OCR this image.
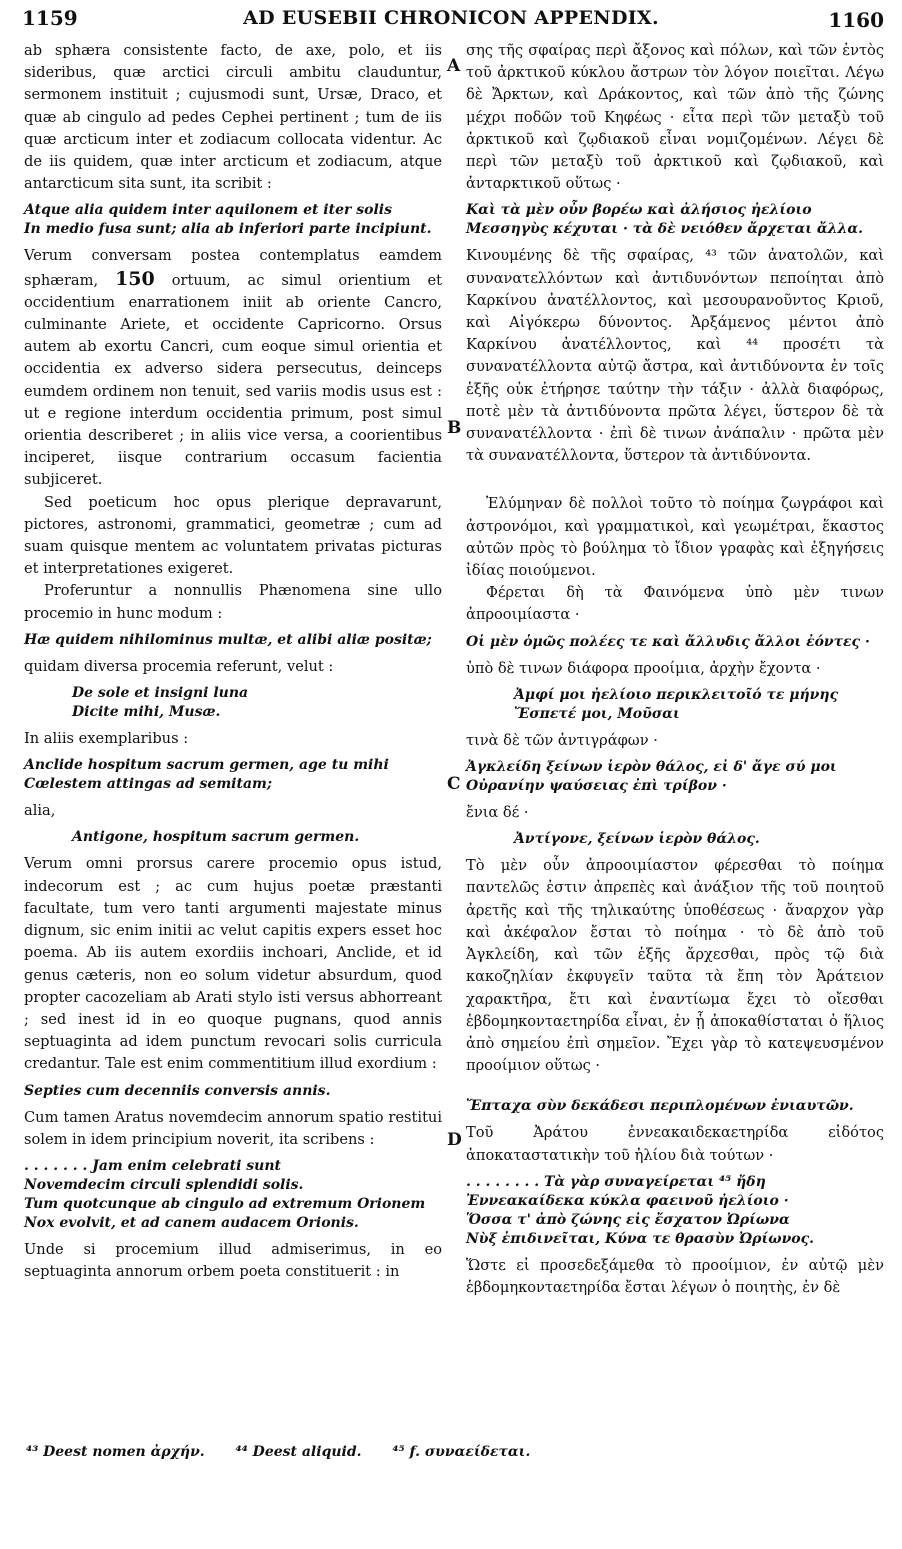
1159	AD EUSEBII CHRONICON APPENDIX.	1160

ab sphæra consistente facto, de axe, polo, et iis sideribus, quæ arctici circuli ambitu clauduntur, sermonem instituit ; cujusmodi sunt, Ursæ, Draco, et quæ ab cingulo ad pedes Cephei pertinent ; tum de iis quæ arcticum inter et zodiacum collocata videntur. Ac de iis quidem, quæ inter arcticum et zodiacum, atque antarcticum sita sunt, ita scribit :

Atque alia quidem inter aquilonem et iter solis
In medio fusa sunt; alia ab inferiori parte incipiunt.

Verum conversam postea contemplatus eamdem sphæram, 150 ortuum, ac simul orientium et occidentium enarrationem iniit ab oriente Cancro, culminante Ariete, et occidente Capricorno. Orsus autem ab exortu Cancri, cum eoque simul orientia et occidentia ex adverso sidera persecutus, deinceps eumdem ordinem non tenuit, sed variis modis usus est : ut e regione interdum occidentia primum, post simul orientia describeret ; in aliis vice versa, a coorientibus inciperet, iisque contrarium occasum facientia subjiceret.

Sed poeticum hoc opus plerique depravarunt, pictores, astronomi, grammatici, geometræ ; cum ad suam quisque mentem ac voluntatem privatas picturas et interpretationes exigeret.

Proferuntur a nonnullis Phænomena sine ullo procemio in hunc modum :

Hæ quidem nihilominus multæ, et alibi aliæ positæ;

quidam diversa procemia referunt, velut :

De sole et insigni luna
Dicite mihi, Musæ.

In aliis exemplaribus :

Anclide hospitum sacrum germen, age tu mihi
Cœlestem attingas ad semitam;

alia,

Antigone, hospitum sacrum germen.

Verum omni prorsus carere procemio opus istud, indecorum est ; ac cum hujus poetæ præstanti facultate, tum vero tanti argumenti majestate minus dignum, sic enim initii ac velut capitis expers esset hoc poema. Ab iis autem exordiis inchoari, Anclide, et id genus cæteris, non eo solum videtur absurdum, quod propter cacozeliam ab Arati stylo isti versus abhorreant ; sed inest id in eo quoque pugnans, quod annis septuaginta ad idem punctum revocari solis curricula credantur. Tale est enim commentitium illud exordium :

Septies cum decenniis conversis annis.

Cum tamen Aratus novemdecim annorum spatio restitui solem in idem principium noverit, ita scribens :

. . . . . . . Jam enim celebrati sunt
Novemdecim circuli splendidi solis.
Tum quotcunque ab cingulo ad extremum Orionem
Nox evolvit, et ad canem audacem Orionis.

Unde si procemium illud admiserimus, in eo septuaginta annorum orbem poeta constituerit : in

A
B
C
D

σης τῆς σφαίρας περὶ ἄξονος καὶ πόλων, καὶ τῶν ἐντὸς τοῦ ἀρκτικοῦ κύκλου ἄστρων τὸν λόγον ποιεῖται. Λέγω δὲ Ἄρκτων, καὶ Δράκοντος, καὶ τῶν ἀπὸ τῆς ζώνης μέχρι ποδῶν τοῦ Κηφέως · εἶτα περὶ τῶν μεταξὺ τοῦ ἀρκτικοῦ καὶ ζῳδιακοῦ εἶναι νομιζομένων. Λέγει δὲ περὶ τῶν μεταξὺ τοῦ ἀρκτικοῦ καὶ ζῳδιακοῦ, καὶ ἀνταρκτικοῦ οὕτως ·

Καὶ τὰ μὲν οὖν βορέω καὶ ἀλήσιος ἠελίοιο
Μεσσηγὺς κέχυται · τὰ δὲ νειόθεν ἄρχεται ἄλλα.

Κινουμένης δὲ τῆς σφαίρας, ⁴³ τῶν ἀνατολῶν, καὶ συνανατελλόντων καὶ ἀντιδυνόντων πεποίηται ἀπὸ Καρκίνου ἀνατέλλοντος, καὶ μεσουρανοῦντος Κριοῦ, καὶ Αἰγόκερω δύνοντος. Ἀρξάμενος μέντοι ἀπὸ Καρκίνου ἀνατέλλοντος, καὶ ⁴⁴ προσέτι τὰ συνανατέλλοντα αὐτῷ ἄστρα, καὶ ἀντιδύνοντα ἐν τοῖς ἑξῆς οὐκ ἐτήρησε ταύτην τὴν τάξιν · ἀλλὰ διαφόρως, ποτὲ μὲν τὰ ἀντιδύνοντα πρῶτα λέγει, ὕστερον δὲ τὰ συνανατέλλοντα · ἐπὶ δὲ τινων ἀνάπαλιν · πρῶτα μὲν τὰ συνανατέλλοντα, ὕστερον τὰ ἀντιδύνοντα.

Ἐλύμηναν δὲ πολλοὶ τοῦτο τὸ ποίημα ζωγράφοι καὶ ἀστρονόμοι, καὶ γραμματικοὶ, καὶ γεωμέτραι, ἕκαστος αὐτῶν πρὸς τὸ βούλημα τὸ ἴδιον γραφὰς καὶ ἐξηγήσεις ἰδίας ποιούμενοι.

Φέρεται δὴ τὰ Φαινόμενα ὑπὸ μὲν τινων ἀπροοιμίαστα ·

Οἱ μὲν ὁμῶς πολέες τε καὶ ἄλλυδις ἄλλοι ἐόντες ·

ὑπὸ δὲ τινων διάφορα προοίμια, ἀρχὴν ἔχοντα ·

Ἀμφί μοι ἠελίοιο περικλειτοῖό τε μήνης
Ἔσπετέ μοι, Μοῦσαι

τινὰ δὲ τῶν ἀντιγράφων ·

Ἀγκλείδη ξείνων ἱερὸν θάλος, εἰ δ' ἄγε σύ μοι
Οὐρανίην ψαύσειας ἐπὶ τρίβον ·

ἔνια δέ ·

Ἀντίγονε, ξείνων ἱερὸν θάλος.

Τὸ μὲν οὖν ἀπροοιμίαστον φέρεσθαι τὸ ποίημα παντελῶς ἐστιν ἀπρεπὲς καὶ ἀνάξιον τῆς τοῦ ποιητοῦ ἀρετῆς καὶ τῆς τηλικαύτης ὑποθέσεως · ἄναρχον γὰρ καὶ ἀκέφαλον ἔσται τὸ ποίημα · τὸ δὲ ἀπὸ τοῦ Ἀγκλείδη, καὶ τῶν ἑξῆς ἄρχεσθαι, πρὸς τῷ διὰ κακοζηλίαν ἐκφυγεῖν ταῦτα τὰ ἔπη τὸν Ἀράτειον χαρακτῆρα, ἔτι καὶ ἐναντίωμα ἔχει τὸ οἴεσθαι ἑβδομηκονταετηρίδα εἶναι, ἐν ᾗ ἀποκαθίσταται ὁ ἥλιος ἀπὸ σημείου ἐπὶ σημεῖον. Ἔχει γὰρ τὸ κατεψευσμένον προοίμιον οὕτως ·

Ἔπταχα σὺν δεκάδεσι περιπλομένων ἐνιαυτῶν.

Τοῦ Ἀράτου ἐννεακαιδεκαετηρίδα εἰδότος ἀποκαταστατικὴν τοῦ ἡλίου διὰ τούτων ·

. . . . . . . . Τὰ γὰρ συναγείρεται ⁴⁵ ἤδη
Ἐννεακαίδεκα κύκλα φαεινοῦ ἠελίοιο ·
Ὅσσα τ' ἀπὸ ζώνης εἰς ἔσχατον Ὠρίωνα
Νὺξ ἐπιδινεῖται, Κύνα τε θρασὺν Ὠρίωνος.

Ὥστε εἰ προσεδεξάμεθα τὸ προοίμιον, ἐν αὐτῷ μὲν ἑβδομηκονταετηρίδα ἔσται λέγων ὁ ποιητὴς, ἐν δὲ

⁴³ Deest nomen ἀρχήν. ⁴⁴ Deest aliquid. ⁴⁵ f. συναείδεται.
